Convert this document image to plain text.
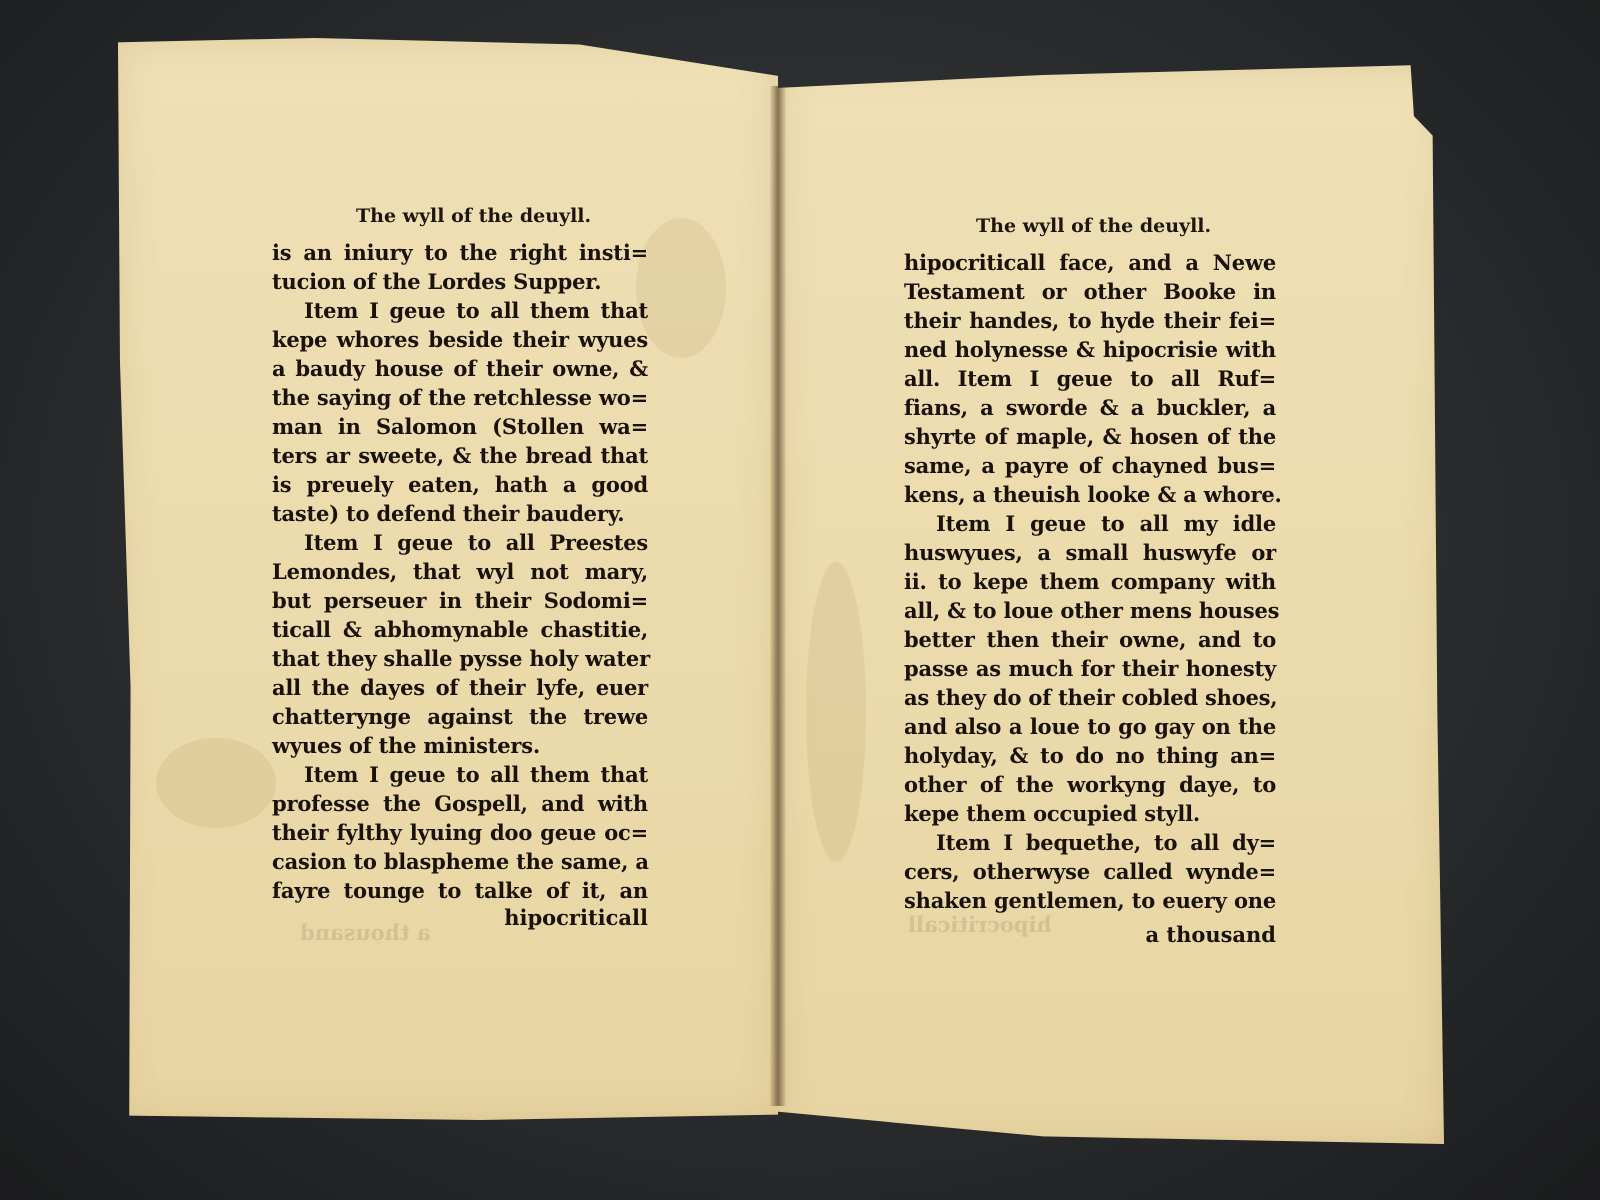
The wyll of the deuyll.
is an iniury to the right insti=
tucion of the Lordes Supper.
Item I geue to all them that
kepe whores beside their wyues
a baudy house of their owne, &
the saying of the retchlesse wo=
man in Salomon (Stollen wa=
ters ar sweete, & the bread that
is preuely eaten, hath a good
taste) to defend their baudery.
Item I geue to all Preestes
Lemondes, that wyl not mary,
but perseuer in their Sodomi=
ticall & abhomynable chastitie,
that they shalle pysse holy water
all the dayes of their lyfe, euer
chatterynge against the trewe
wyues of the ministers.
Item I geue to all them that
professe the Gospell, and with
their fylthy lyuing doo geue oc=
casion to blaspheme the same, a
fayre tounge to talke of it, an
hipocriticall
a thousand
The wyll of the deuyll.
hipocriticall face, and a Newe
Testament or other Booke in
their handes, to hyde their fei=
ned holynesse & hipocrisie with
all. Item I geue to all Ruf=
fians, a sworde & a buckler, a
shyrte of maple, & hosen of the
same, a payre of chayned bus=
kens, a theuish looke & a whore.
Item I geue to all my idle
huswyues, a small huswyfe or
ii. to kepe them company with
all, & to loue other mens houses
better then their owne, and to
passe as much for their honesty
as they do of their cobled shoes,
and also a loue to go gay on the
holyday, & to do no thing an=
other of the workyng daye, to
kepe them occupied styll.
Item I bequethe, to all dy=
cers, otherwyse called wynde=
shaken gentlemen, to euery one
a thousand
hipocriticall
